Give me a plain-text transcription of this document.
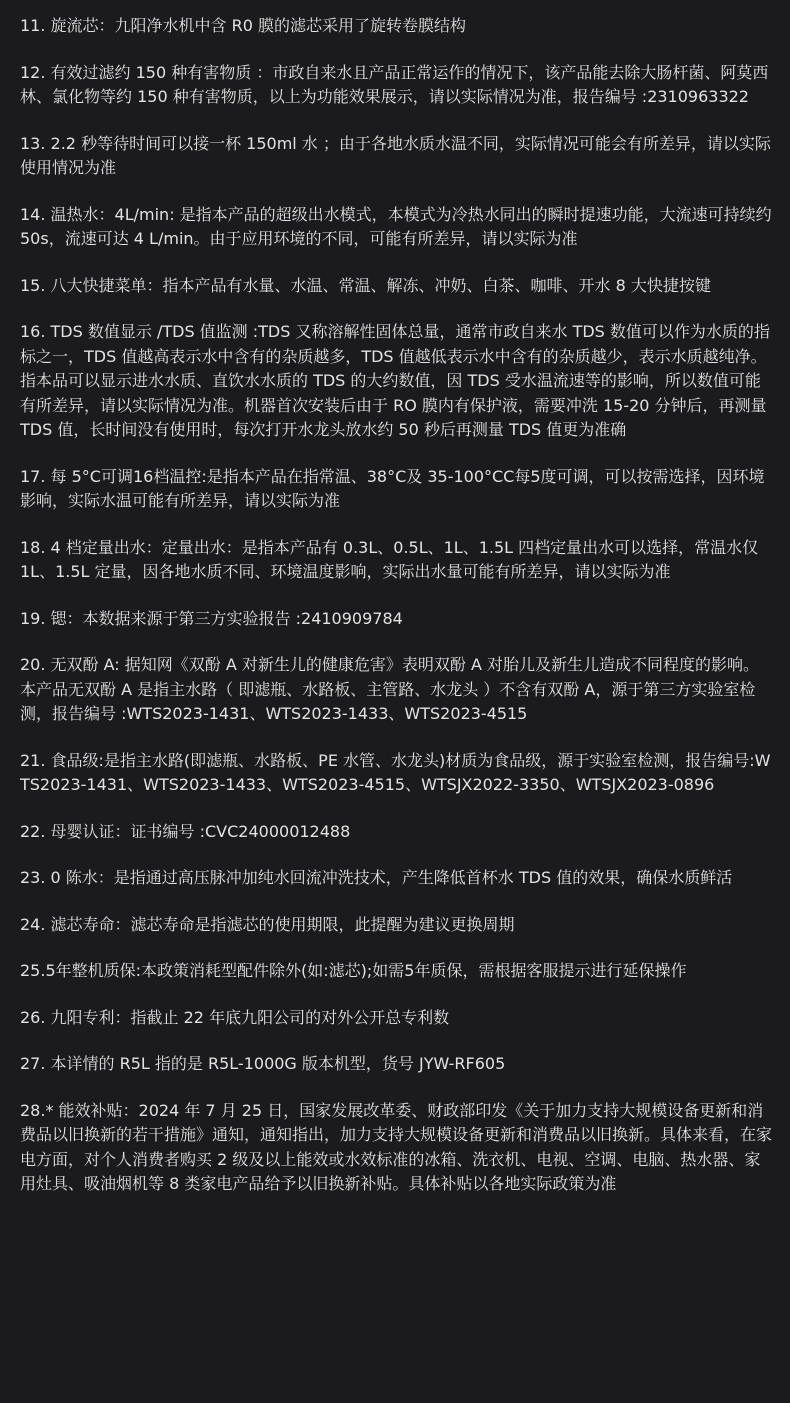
11. 旋流芯：九阳净水机中含 R0 膜的滤芯采用了旋转卷膜结构

12. 有效过滤约 150 种有害物质 ：市政自来水且产品正常运作的情况下，该产品能去除大肠杆菌、阿莫西林、氯化物等约 150 种有害物质，以上为功能效果展示，请以实际情况为准，报告编号 :2310963322

13. 2.2 秒等待时间可以接一杯 150ml 水 ；由于各地水质水温不同，实际情况可能会有所差异，请以实际使用情况为准

14. 温热水：4L/min: 是指本产品的超级出水模式，本模式为冷热水同出的瞬时提速功能，大流速可持续约 50s，流速可达 4 L/min。由于应用环境的不同，可能有所差异，请以实际为准

15. 八大快捷菜单：指本产品有水量、水温、常温、解冻、冲奶、白茶、咖啡、开水 8 大快捷按键

16. TDS 数值显示 /TDS 值监测 :TDS 又称溶解性固体总量，通常市政自来水 TDS 数值可以作为水质的指标之一，TDS 值越高表示水中含有的杂质越多，TDS 值越低表示水中含有的杂质越少，表示水质越纯净。指本品可以显示进水水质、直饮水水质的 TDS 的大约数值，因 TDS 受水温流速等的影响，所以数值可能有所差异，请以实际情况为准。机器首次安装后由于 RO 膜内有保护液，需要冲洗 15-20 分钟后，再测量 TDS 值，长时间没有使用时，每次打开水龙头放水约 50 秒后再测量 TDS 值更为准确

17. 每 5°C可调16档温控:是指本产品在指常温、38°C及 35-100°CC每5度可调，可以按需选择，因环境影响，实际水温可能有所差异，请以实际为准

18. 4 档定量出水：定量出水：是指本产品有 0.3L、0.5L、1L、1.5L 四档定量出水可以选择，常温水仅 1L、1.5L 定量，因各地水质不同、环境温度影响，实际出水量可能有所差异，请以实际为准

19. 锶：本数据来源于第三方实验报告 :2410909784

20. 无双酚 A: 据知网《双酚 A 对新生儿的健康危害》表明双酚 A 对胎儿及新生儿造成不同程度的影响。本产品无双酚 A 是指主水路（ 即滤瓶、水路板、主管路、水龙头 ）不含有双酚 A，源于第三方实验室检测，报告编号 :WTS2023-1431、WTS2023-1433、WTS2023-4515

21. 食品级:是指主水路(即滤瓶、水路板、PE 水管、水龙头)材质为食品级，源于实验室检测，报告编号:WTS2023-1431、WTS2023-1433、WTS2023-4515、WTSJX2022-3350、WTSJX2023-0896

22. 母婴认证：证书编号 :CVC24000012488

23. 0 陈水：是指通过高压脉冲加纯水回流冲洗技术，产生降低首杯水 TDS 值的效果，确保水质鲜活

24. 滤芯寿命：滤芯寿命是指滤芯的使用期限，此提醒为建议更换周期

25.5年整机质保:本政策消耗型配件除外(如:滤芯);如需5年质保，需根据客服提示进行延保操作

26. 九阳专利：指截止 22 年底九阳公司的对外公开总专利数

27. 本详情的 R5L 指的是 R5L-1000G 版本机型，货号 JYW-RF605

28.* 能效补贴：2024 年 7 月 25 日，国家发展改革委、财政部印发《关于加力支持大规模设备更新和消费品以旧换新的若干措施》通知，通知指出，加力支持大规模设备更新和消费品以旧换新。具体来看，在家电方面，对个人消费者购买 2 级及以上能效或水效标准的冰箱、洗衣机、电视、空调、电脑、热水器、家用灶具、吸油烟机等 8 类家电产品给予以旧换新补贴。具体补贴以各地实际政策为准
